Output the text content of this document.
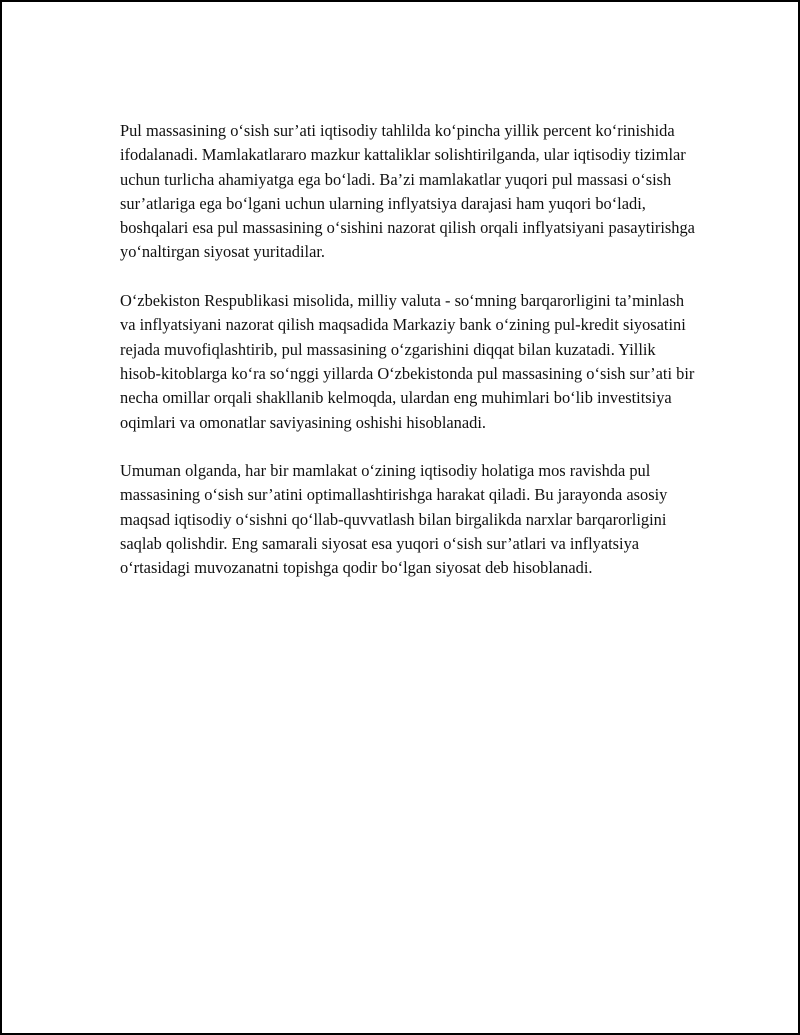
Pul massasining o‘sish sur’ati iqtisodiy tahlilda ko‘pincha yillik percent ko‘rinishida ifodalanadi. Mamlakatlararo mazkur kattaliklar solishtirilganda, ular iqtisodiy tizimlar uchun turlicha ahamiyatga ega bo‘ladi. Ba’zi mamlakatlar yuqori pul massasi o‘sish sur’atlariga ega bo‘lgani uchun ularning inflyatsiya darajasi ham yuqori bo‘ladi, boshqalari esa pul massasining o‘sishini nazorat qilish orqali inflyatsiyani pasaytirishga yo‘naltirgan siyosat yuritadilar.

O‘zbekiston Respublikasi misolida, milliy valuta - so‘mning barqarorligini ta’minlash va inflyatsiyani nazorat qilish maqsadida Markaziy bank o‘zining pul-kredit siyosatini rejada muvofiqlashtirib, pul massasining o‘zgarishini diqqat bilan kuzatadi. Yillik hisob-kitoblarga ko‘ra so‘nggi yillarda O‘zbekistonda pul massasining o‘sish sur’ati bir necha omillar orqali shakllanib kelmoqda, ulardan eng muhimlari bo‘lib investitsiya oqimlari va omonatlar saviyasining oshishi hisoblanadi.

Umuman olganda, har bir mamlakat o‘zining iqtisodiy holatiga mos ravishda pul massasining o‘sish sur’atini optimallashtirishga harakat qiladi. Bu jarayonda asosiy maqsad iqtisodiy o‘sishni qo‘llab-quvvatlash bilan birgalikda narxlar barqarorligini saqlab qolishdir. Eng samarali siyosat esa yuqori o‘sish sur’atlari va inflyatsiya o‘rtasidagi muvozanatni topishga qodir bo‘lgan siyosat deb hisoblanadi.
